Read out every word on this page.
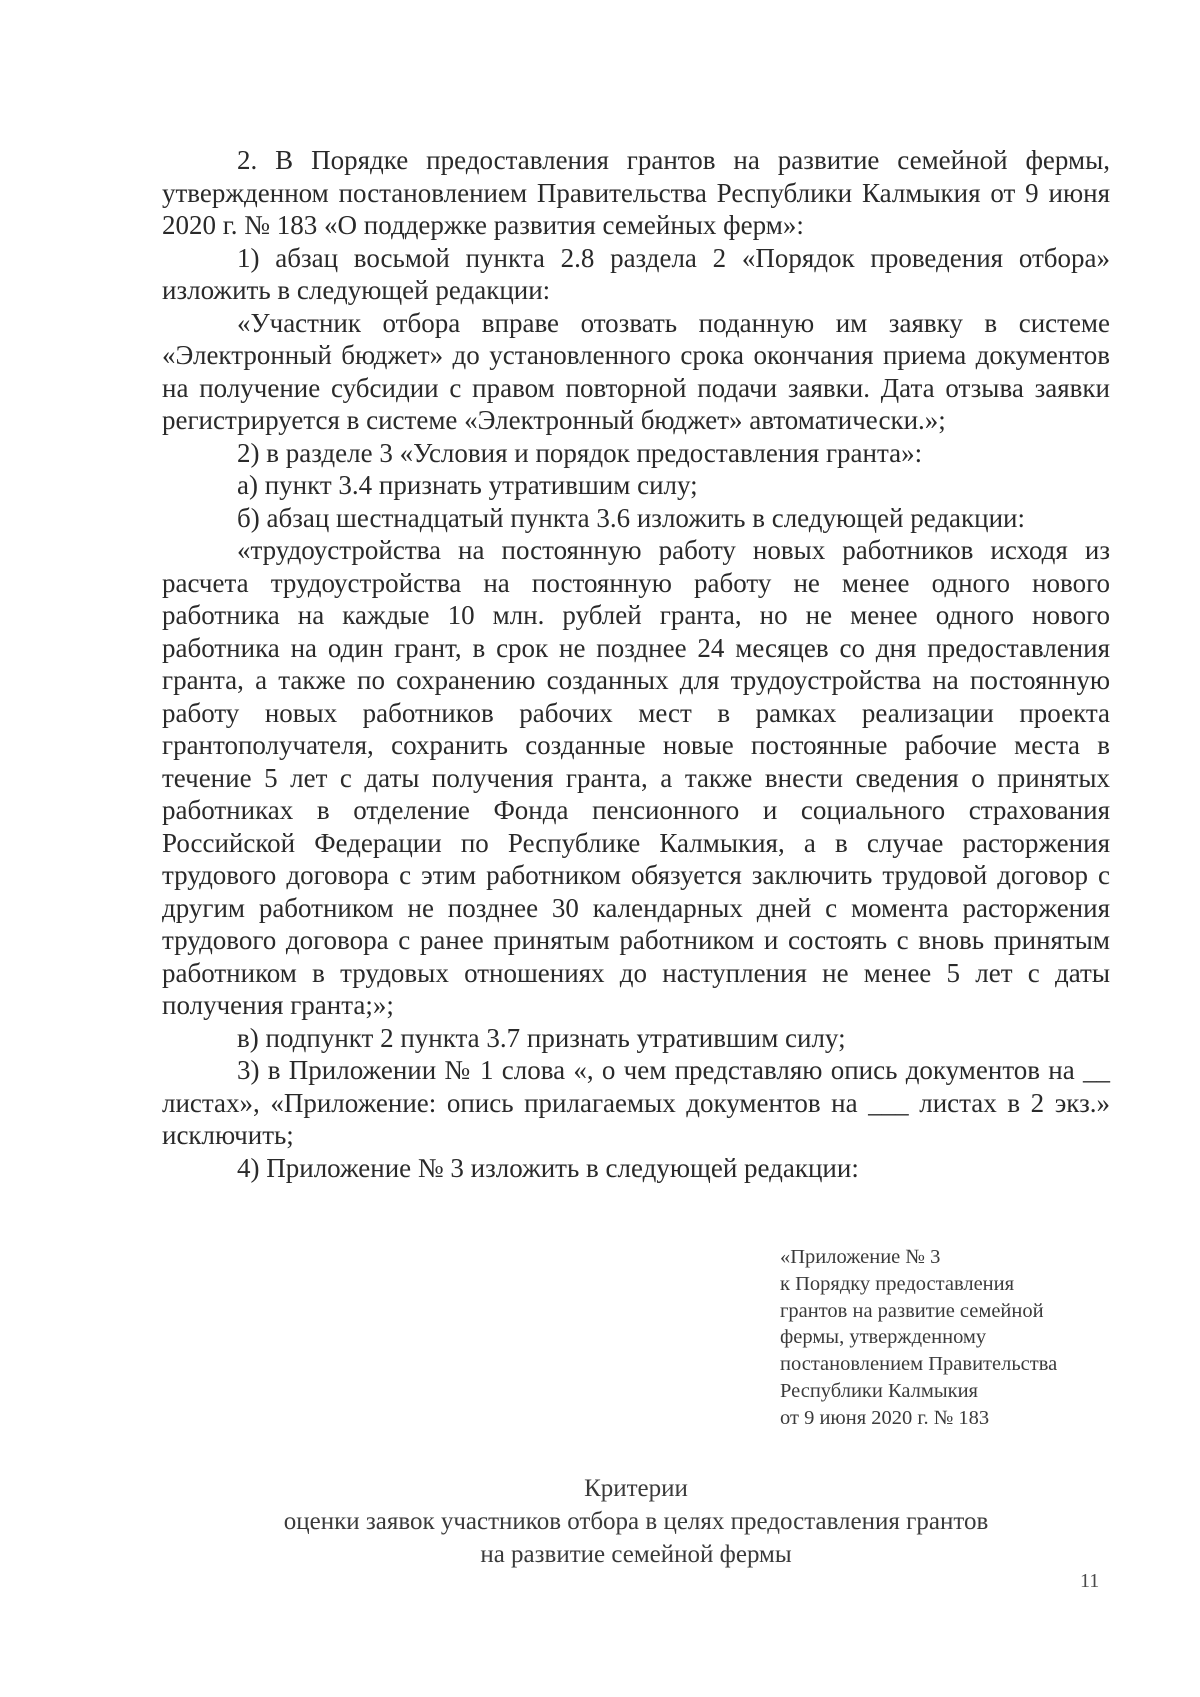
2. В Порядке предоставления грантов на развитие семейной фермы, утвержденном постановлением Правительства Республики Калмыкия от 9 июня 2020 г. № 183 «О поддержке развития семейных ферм»:

1) абзац восьмой пункта 2.8 раздела 2 «Порядок проведения отбора» изложить в следующей редакции:

«Участник отбора вправе отозвать поданную им заявку в системе «Электронный бюджет» до установленного срока окончания приема документов на получение субсидии с правом повторной подачи заявки. Дата отзыва заявки регистрируется в системе «Электронный бюджет» автоматически.»;

2) в разделе 3 «Условия и порядок предоставления гранта»:

а) пункт 3.4 признать утратившим силу;

б) абзац шестнадцатый пункта 3.6 изложить в следующей редакции:

«трудоустройства на постоянную работу новых работников исходя из расчета трудоустройства на постоянную работу не менее одного нового работника на каждые 10 млн. рублей гранта, но не менее одного нового работника на один грант, в срок не позднее 24 месяцев со дня предоставления гранта, а также по сохранению созданных для трудоустройства на постоянную работу новых работников рабочих мест в рамках реализации проекта грантополучателя, сохранить созданные новые постоянные рабочие места в течение 5 лет с даты получения гранта, а также внести сведения о принятых работниках в отделение Фонда пенсионного и социального страхования Российской Федерации по Республике Калмыкия, а в случае расторжения трудового договора с этим работником обязуется заключить трудовой договор с другим работником не позднее 30 календарных дней с момента расторжения трудового договора с ранее принятым работником и состоять с вновь принятым работником в трудовых отношениях до наступления не менее 5 лет с даты получения гранта;»;

в) подпункт 2 пункта 3.7 признать утратившим силу;

3) в Приложении № 1 слова «, о чем представляю опись документов на __ листах», «Приложение: опись прилагаемых документов на ___ листах в 2 экз.» исключить;

4) Приложение № 3 изложить в следующей редакции:

«Приложение № 3
к Порядку предоставления
грантов на развитие семейной
фермы, утвержденному
постановлением Правительства
Республики Калмыкия
от 9 июня 2020 г. № 183
Критерии
оценки заявок участников отбора в целях предоставления грантов
на развитие семейной фермы
11
